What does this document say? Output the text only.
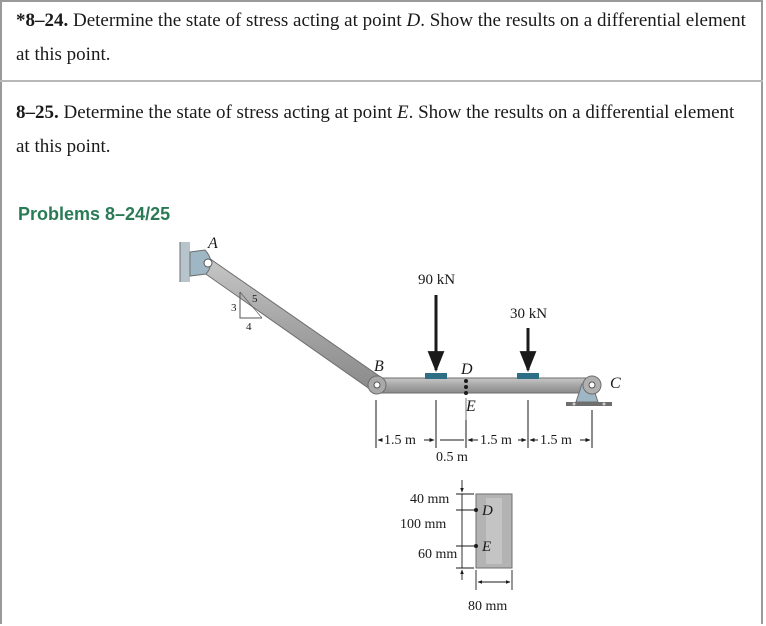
*8–24. Determine the state of stress acting at point D. Show the results on a differential element at this point.
8–25. Determine the state of stress acting at point E. Show the results on a differential element at this point.
Problems 8–24/25
A
3
4
5
B
90 kN
30 kN
D
E
C
1.5 m
0.5 m
1.5 m 1.5 m
D
E
40 mm
100 mm
60 mm
80 mm
